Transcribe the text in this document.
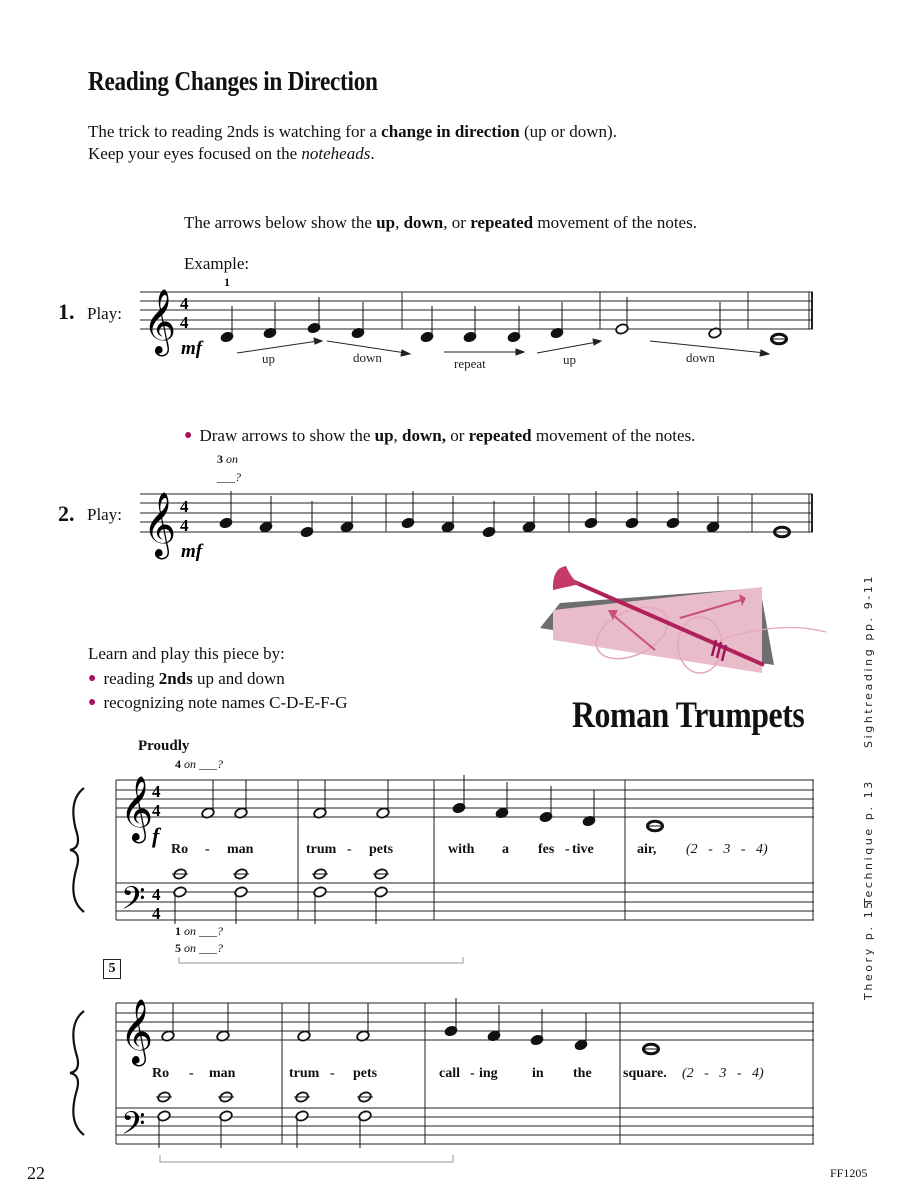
Reading Changes in Direction
The trick to reading 2nds is watching for a change in direction (up or down).
Keep your eyes focused on the noteheads.
The arrows below show the up, down, or repeated movement of the notes.
Example:
1. Play:
1
𝄞 4
4
mf	up	down	repeat	up	down
𝄞 4
4
mf
𝄞
𝄢
4
4
4
4
f
𝄞
𝄢
Ro - man	trum - pets	with a fes - tive	air, (2   -   3   -   4)
Ro - man	trum - pets	call - ing in the square. (2   -   3   -   4)
● Draw arrows to show the up, down, or repeated movement of the notes.
3 on
___?
2. Play:
Learn and play this piece by:
● reading 2nds up and down
● recognizing note names C-D-E-F-G	Roman Trumpets
Proudly
4 on ___?
1 on ___?
5 on ___?
5
Sightreading pp. 9-11
Technique p. 13
Theory p. 15
22	FF1205
